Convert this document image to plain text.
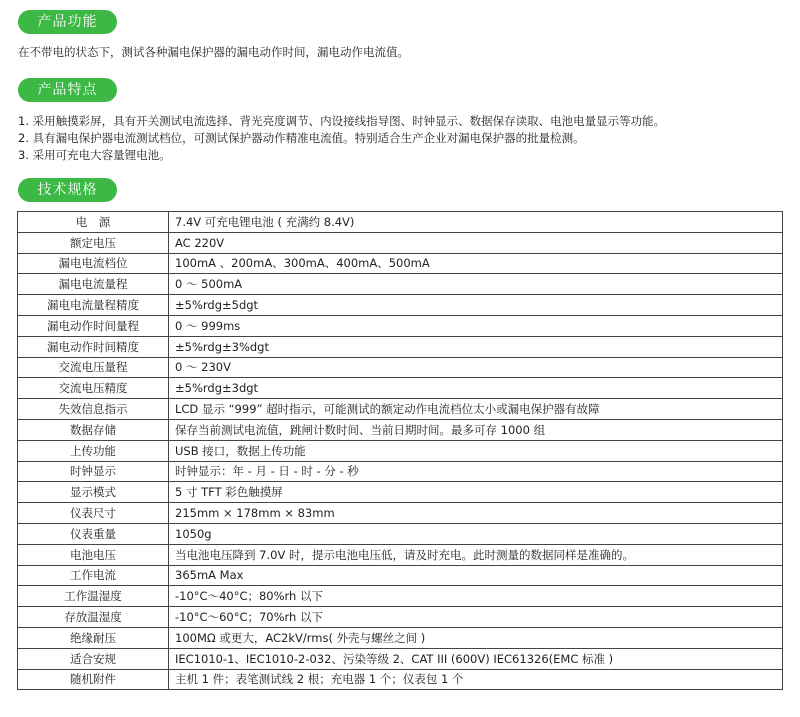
产品功能
在不带电的状态下，测试各种漏电保护器的漏电动作时间，漏电动作电流值。
产品特点
1. 采用触摸彩屏，具有开关测试电流选择、背光亮度调节、内设接线指导图、时钟显示、数据保存读取、电池电量显示等功能。
2. 具有漏电保护器电流测试档位，可测试保护器动作精准电流值。特别适合生产企业对漏电保护器的批量检测。
3. 采用可充电大容量锂电池。
技术规格
电　源	7.4V 可充电锂电池 ( 充满约 8.4V)
额定电压	AC 220V
漏电电流档位	100mA 、200mA、300mA、400mA、500mA
漏电电流量程	0 ～ 500mA
漏电电流量程精度	±5%rdg±5dgt
漏电动作时间量程	0 ～ 999ms
漏电动作时间精度	±5%rdg±3%dgt
交流电压量程	0 ～ 230V
交流电压精度	±5%rdg±3dgt
失效信息指示	LCD 显示 “999” 超时指示，可能测试的额定动作电流档位太小或漏电保护器有故障
数据存储	保存当前测试电流值，跳闸计数时间、当前日期时间。最多可存 1000 组
上传功能	USB 接口，数据上传功能
时钟显示	时钟显示：年 - 月 - 日 - 时 - 分 - 秒
显示模式	5 寸 TFT 彩色触摸屏
仪表尺寸	215mm × 178mm × 83mm
仪表重量	1050g
电池电压	当电池电压降到 7.0V 时，提示电池电压低，请及时充电。此时测量的数据同样是准确的。
工作电流	365mA Max
工作温湿度	-10°C～40°C；80%rh 以下
存放温湿度	-10°C～60°C；70%rh 以下
绝缘耐压	100MΩ 或更大，AC2kV/rms( 外壳与螺丝之间 )
适合安规	IEC1010-1、IEC1010-2-032、污染等级 2、CAT III (600V) IEC61326(EMC 标准 )
随机附件	主机 1 件；表笔测试线 2 根；充电器 1 个；仪表包 1 个
